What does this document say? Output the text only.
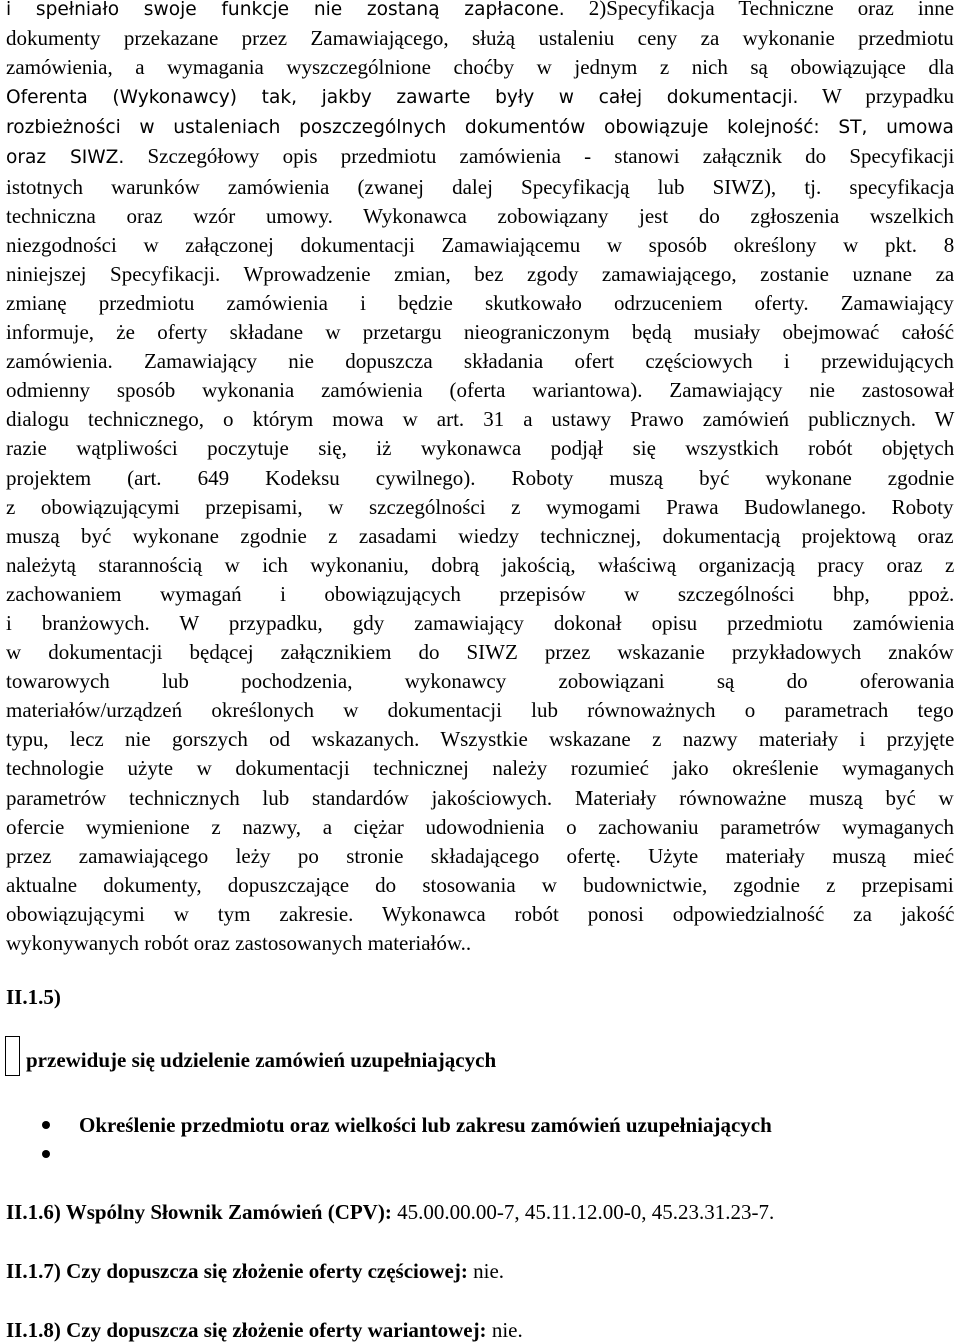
i spełniało swoje funkcje nie zostaną zapłacone. 2)Specyfikacja Techniczne oraz inne
dokumenty przekazane przez Zamawiającego, służą ustaleniu ceny za wykonanie przedmiotu
zamówienia, a wymagania wyszczególnione choćby w jednym z nich są obowiązujące dla
Oferenta (Wykonawcy) tak, jakby zawarte były w całej dokumentacji. W przypadku
rozbieżności w ustaleniach poszczególnych dokumentów obowiązuje kolejność: ST, umowa
oraz SIWZ. Szczegółowy opis przedmiotu zamówienia - stanowi załącznik do Specyfikacji
istotnych warunków zamówienia (zwanej dalej Specyfikacją lub SIWZ), tj. specyfikacja
techniczna oraz wzór umowy. Wykonawca zobowiązany jest do zgłoszenia wszelkich
niezgodności w załączonej dokumentacji Zamawiającemu w sposób określony w pkt. 8
niniejszej Specyfikacji. Wprowadzenie zmian, bez zgody zamawiającego, zostanie uznane za
zmianę przedmiotu zamówienia i będzie skutkowało odrzuceniem oferty. Zamawiający
informuje, że oferty składane w przetargu nieograniczonym będą musiały obejmować całość
zamówienia. Zamawiający nie dopuszcza składania ofert częściowych i przewidujących
odmienny sposób wykonania zamówienia (oferta wariantowa). Zamawiający nie zastosował
dialogu technicznego, o którym mowa w art. 31 a ustawy Prawo zamówień publicznych. W
razie wątpliwości poczytuje się, iż wykonawca podjął się wszystkich robót objętych
projektem (art. 649 Kodeksu cywilnego). Roboty muszą być wykonane zgodnie
z obowiązującymi przepisami, w szczególności z wymogami Prawa Budowlanego. Roboty
muszą być wykonane zgodnie z zasadami wiedzy technicznej, dokumentacją projektową oraz
należytą starannością w ich wykonaniu, dobrą jakością, właściwą organizacją pracy oraz z
zachowaniem wymagań i obowiązujących przepisów w szczególności bhp, ppoż.
i branżowych. W przypadku, gdy zamawiający dokonał opisu przedmiotu zamówienia
w dokumentacji będącej załącznikiem do SIWZ przez wskazanie przykładowych znaków
towarowych lub pochodzenia, wykonawcy zobowiązani są do oferowania
materiałów/urządzeń określonych w dokumentacji lub równoważnych o parametrach tego
typu, lecz nie gorszych od wskazanych. Wszystkie wskazane z nazwy materiały i przyjęte
technologie użyte w dokumentacji technicznej należy rozumieć jako określenie wymaganych
parametrów technicznych lub standardów jakościowych. Materiały równoważne muszą być w
ofercie wymienione z nazwy, a ciężar udowodnienia o zachowaniu parametrów wymaganych
przez zamawiającego leży po stronie składającego ofertę. Użyte materiały muszą mieć
aktualne dokumenty, dopuszczające do stosowania w budownictwie, zgodnie z przepisami
obowiązującymi w tym zakresie. Wykonawca robót ponosi odpowiedzialność za jakość
wykonywanych robót oraz zastosowanych materiałów..

II.1.5)

przewiduje się udzielenie zamówień uzupełniających

Określenie przedmiotu oraz wielkości lub zakresu zamówień uzupełniających

II.1.6) Wspólny Słownik Zamówień (CPV): 45.00.00.00-7, 45.11.12.00-0, 45.23.31.23-7.

II.1.7) Czy dopuszcza się złożenie oferty częściowej: nie.

II.1.8) Czy dopuszcza się złożenie oferty wariantowej: nie.
